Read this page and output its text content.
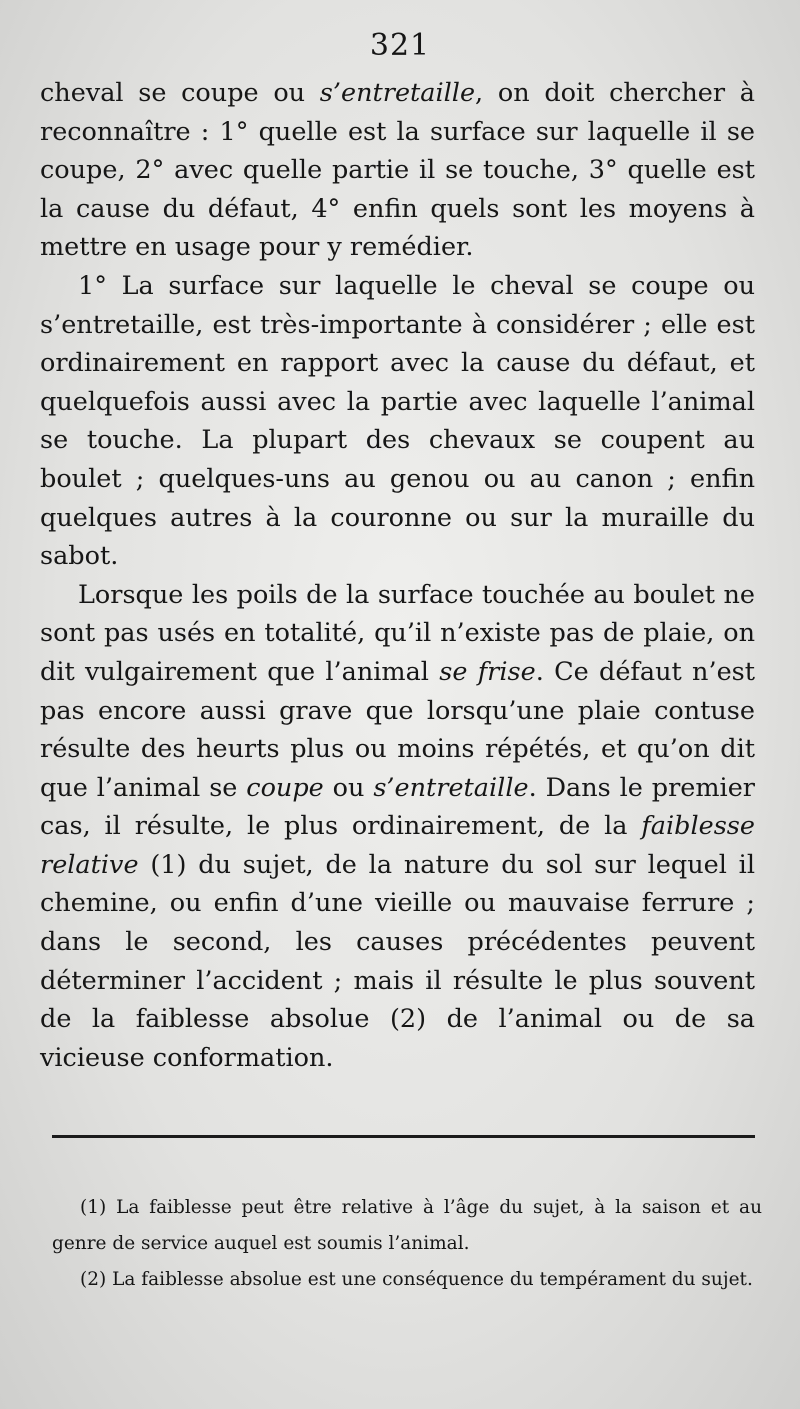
321

cheval se coupe ou s’entretaille, on doit chercher à reconnaître : 1° quelle est la surface sur laquelle il se coupe, 2° avec quelle partie il se touche, 3° quelle est la cause du défaut, 4° enfin quels sont les moyens à mettre en usage pour y remédier.

1° La surface sur laquelle le cheval se coupe ou s’entretaille, est très-importante à considérer ; elle est ordinairement en rapport avec la cause du défaut, et quelquefois aussi avec la partie avec laquelle l’animal se touche. La plupart des chevaux se coupent au boulet ; quelques-uns au genou ou au canon ; enfin quelques autres à la couronne ou sur la muraille du sabot.

Lorsque les poils de la surface touchée au boulet ne sont pas usés en totalité, qu’il n’existe pas de plaie, on dit vulgairement que l’animal se frise. Ce défaut n’est pas encore aussi grave que lorsqu’une plaie contuse résulte des heurts plus ou moins répétés, et qu’on dit que l’animal se coupe ou s’entretaille. Dans le premier cas, il résulte, le plus ordinairement, de la faiblesse relative (1) du sujet, de la nature du sol sur lequel il chemine, ou enfin d’une vieille ou mauvaise ferrure ; dans le second, les causes précédentes peuvent déterminer l’accident ; mais il résulte le plus souvent de la faiblesse absolue (2) de l’animal ou de sa vicieuse conformation.

(1) La faiblesse peut être relative à l’âge du sujet, à la saison et au genre de service auquel est soumis l’animal.

(2) La faiblesse absolue est une conséquence du tempérament du sujet.
